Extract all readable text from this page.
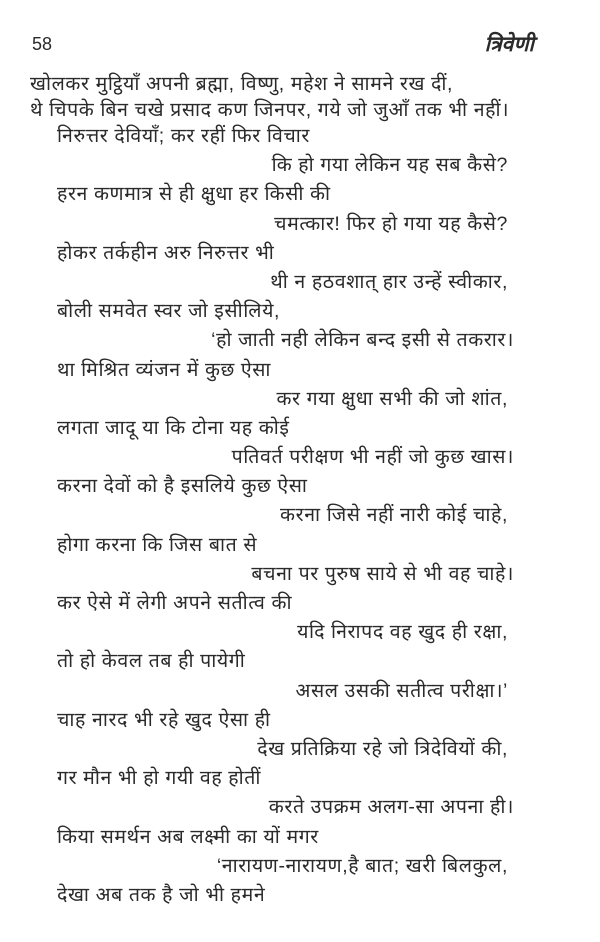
58	त्रिवेणी
खोलकर मुट्ठियाँ अपनी ब्रह्मा, विष्णु, महेश ने सामने रख दीं,
थे चिपके बिन चखे प्रसाद कण जिनपर, गये जो जुआँ तक भी नहीं।
निरुत्तर देवियाँ; कर रहीं फिर विचार
कि हो गया लेकिन यह सब कैसे?
हरन कणमात्र से ही क्षुधा हर किसी की
चमत्कार! फिर हो गया यह कैसे?
होकर तर्कहीन अरु निरुत्तर भी
थी न हठवशात् हार उन्हें स्वीकार,
बोली समवेत स्वर जो इसीलिये,
‘हो जाती नही लेकिन बन्द इसी से तकरार।
था मिश्रित व्यंजन में कुछ ऐसा
कर गया क्षुधा सभी की जो शांत,
लगता जादू या कि टोना यह कोई
पतिवर्त परीक्षण भी नहीं जो कुछ खास।
करना देवों को है इसलिये कुछ ऐसा
करना जिसे नहीं नारी कोई चाहे,
होगा करना कि जिस बात से
बचना पर पुरुष साये से भी वह चाहे।
कर ऐसे में लेगी अपने सतीत्व की
यदि निरापद वह खुद ही रक्षा,
तो हो केवल तब ही पायेगी
असल उसकी सतीत्व परीक्षा।’
चाह नारद भी रहे खुद ऐसा ही
देख प्रतिक्रिया रहे जो त्रिदेवियों की,
गर मौन भी हो गयी वह होतीं
करते उपक्रम अलग-सा अपना ही।
किया समर्थन अब लक्ष्मी का यों मगर
‘नारायण-नारायण,है बात; खरी बिलकुल,
देखा अब तक है जो भी हमने
